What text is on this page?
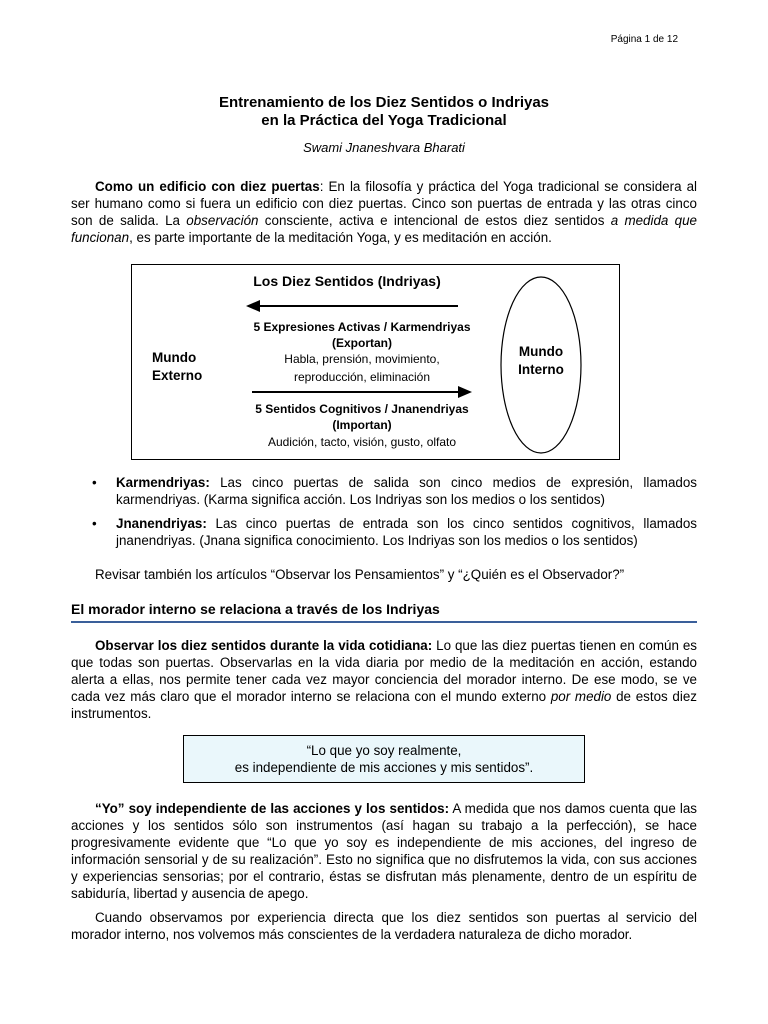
Página 1 de 12
Entrenamiento de los Diez Sentidos o Indriyas
en la Práctica del Yoga Tradicional
Swami Jnaneshvara Bharati

Como un edificio con diez puertas: En la filosofía y práctica del Yoga tradicional se considera al ser humano como si fuera un edificio con diez puertas. Cinco son puertas de entrada y las otras cinco son de salida. La observación consciente, activa e intencional de estos diez sentidos a medida que funcionan, es parte importante de la meditación Yoga, y es meditación en acción.

Los Diez Sentidos (Indriyas)
5 Expresiones Activas / Karmendriyas
(Exportan)
Habla, prensión, movimiento,
reproducción, eliminación
Mundo
Externo
5 Sentidos Cognitivos / Jnanendriyas
(Importan)
Audición, tacto, visión, gusto, olfato
Mundo
Interno
• Karmendriyas: Las cinco puertas de salida son cinco medios de expresión, llamados karmendriyas. (Karma significa acción. Los Indriyas son los medios o los sentidos)
• Jnanendriyas: Las cinco puertas de entrada son los cinco sentidos cognitivos, llamados jnanendriyas. (Jnana significa conocimiento. Los Indriyas son los medios o los sentidos)

Revisar también los artículos “Observar los Pensamientos” y “¿Quién es el Observador?”

El morador interno se relaciona a través de los Indriyas

Observar los diez sentidos durante la vida cotidiana: Lo que las diez puertas tienen en común es que todas son puertas. Observarlas en la vida diaria por medio de la meditación en acción, estando alerta a ellas, nos permite tener cada vez mayor conciencia del morador interno. De ese modo, se ve cada vez más claro que el morador interno se relaciona con el mundo externo por medio de estos diez instrumentos.

“Lo que yo soy realmente,
es independiente de mis acciones y mis sentidos”.

“Yo” soy independiente de las acciones y los sentidos: A medida que nos damos cuenta que las acciones y los sentidos sólo son instrumentos (así hagan su trabajo a la perfección), se hace progresivamente evidente que “Lo que yo soy es independiente de mis acciones, del ingreso de información sensorial y de su realización”. Esto no significa que no disfrutemos la vida, con sus acciones y experiencias sensorias; por el contrario, éstas se disfrutan más plenamente, dentro de un espíritu de sabiduría, libertad y ausencia de apego.

Cuando observamos por experiencia directa que los diez sentidos son puertas al servicio del morador interno, nos volvemos más conscientes de la verdadera naturaleza de dicho morador.
